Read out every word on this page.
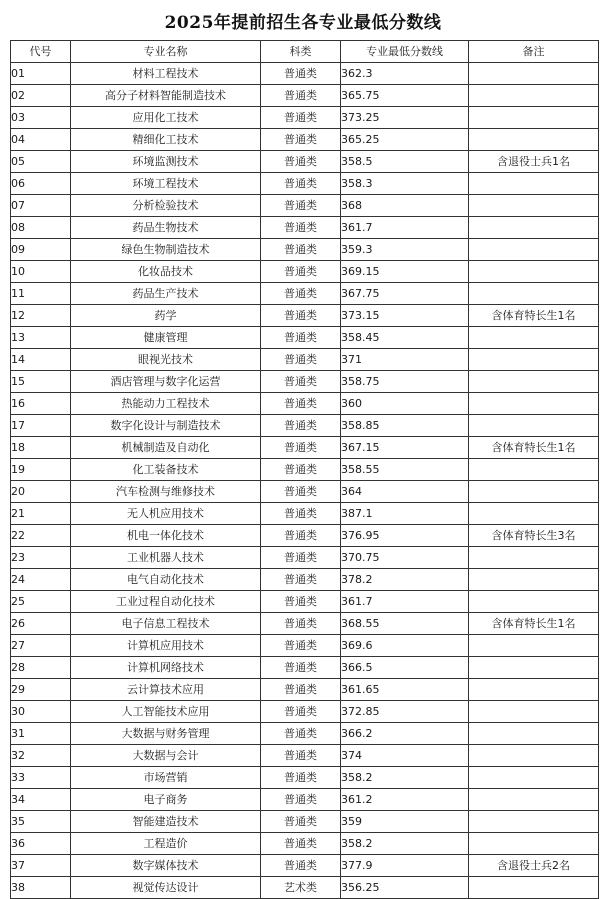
2025年提前招生各专业最低分数线
代号	专业名称	科类	专业最低分数线	备注
01	材料工程技术	普通类	362.3	
02	高分子材料智能制造技术	普通类	365.75	
03	应用化工技术	普通类	373.25	
04	精细化工技术	普通类	365.25	
05	环境监测技术	普通类	358.5	含退役士兵1名
06	环境工程技术	普通类	358.3	
07	分析检验技术	普通类	368	
08	药品生物技术	普通类	361.7	
09	绿色生物制造技术	普通类	359.3	
10	化妆品技术	普通类	369.15	
11	药品生产技术	普通类	367.75	
12	药学	普通类	373.15	含体育特长生1名
13	健康管理	普通类	358.45	
14	眼视光技术	普通类	371	
15	酒店管理与数字化运营	普通类	358.75	
16	热能动力工程技术	普通类	360	
17	数字化设计与制造技术	普通类	358.85	
18	机械制造及自动化	普通类	367.15	含体育特长生1名
19	化工装备技术	普通类	358.55	
20	汽车检测与维修技术	普通类	364	
21	无人机应用技术	普通类	387.1	
22	机电一体化技术	普通类	376.95	含体育特长生3名
23	工业机器人技术	普通类	370.75	
24	电气自动化技术	普通类	378.2	
25	工业过程自动化技术	普通类	361.7	
26	电子信息工程技术	普通类	368.55	含体育特长生1名
27	计算机应用技术	普通类	369.6	
28	计算机网络技术	普通类	366.5	
29	云计算技术应用	普通类	361.65	
30	人工智能技术应用	普通类	372.85	
31	大数据与财务管理	普通类	366.2	
32	大数据与会计	普通类	374	
33	市场营销	普通类	358.2	
34	电子商务	普通类	361.2	
35	智能建造技术	普通类	359	
36	工程造价	普通类	358.2	
37	数字媒体技术	普通类	377.9	含退役士兵2名
38	视觉传达设计	艺术类	356.25	
